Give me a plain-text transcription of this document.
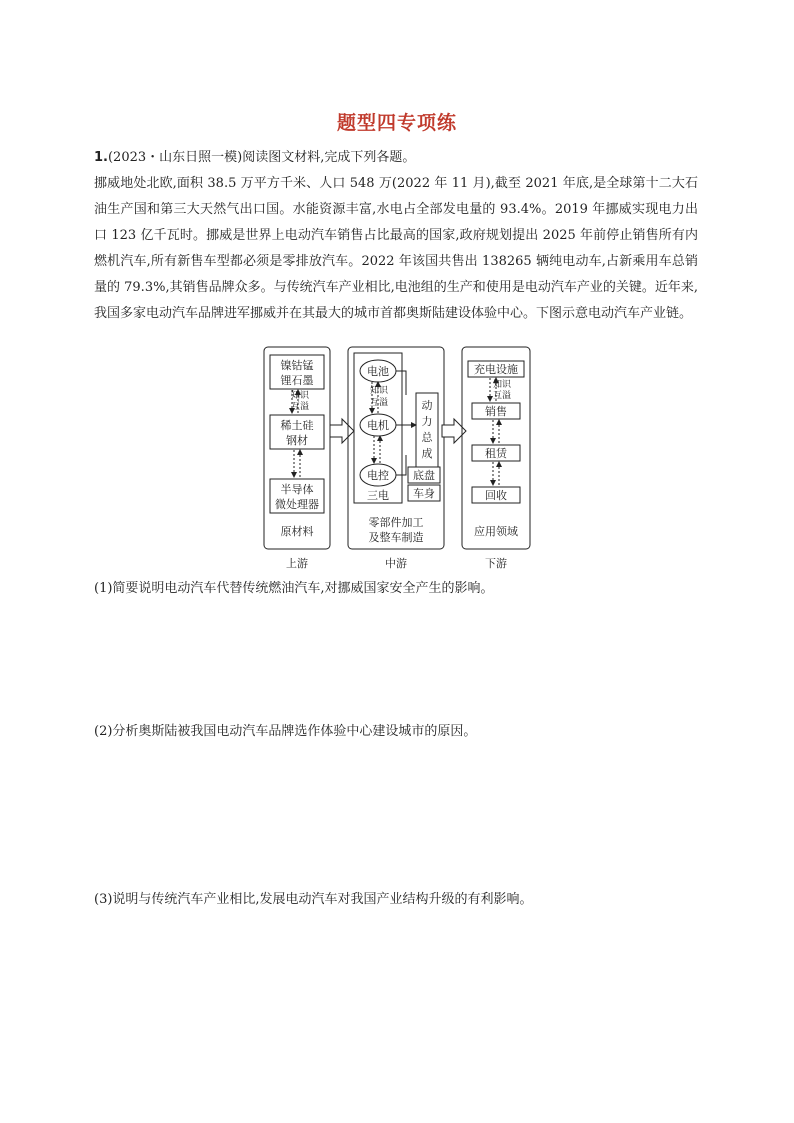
题型四专项练
1.(2023・山东日照一模)阅读图文材料,完成下列各题。
挪威地处北欧,面积 38.5 万平方千米、人口 548 万(2022 年 11 月),截至 2021 年底,是全球第十二大石油生产国和第三大天然气出口国。水能资源丰富,水电占全部发电量的 93.4%。2019 年挪威实现电力出口 123 亿千瓦时。挪威是世界上电动汽车销售占比最高的国家,政府规划提出 2025 年前停止销售所有内燃机汽车,所有新售车型都必须是零排放汽车。2022 年该国共售出 138265 辆纯电动车,占新乘用车总销量的 79.3%,其销售品牌众多。与传统汽车产业相比,电池组的生产和使用是电动汽车产业的关键。近年来,我国多家电动汽车品牌进军挪威并在其最大的城市首都奥斯陆建设体验中心。下图示意电动汽车产业链。
镍钴锰
锂石墨
知识
互溢
稀土硅
钢材
半导体
微处理器
原材料
上游
电池
知识
互溢
电机
电控
三电
动
力
总
成
底盘
车身
零部件加工
及整车制造
中游
充电设施
知识
互溢
销售
租赁
回收
应用领域
下游
(1)简要说明电动汽车代替传统燃油汽车,对挪威国家安全产生的影响。
(2)分析奥斯陆被我国电动汽车品牌选作体验中心建设城市的原因。
(3)说明与传统汽车产业相比,发展电动汽车对我国产业结构升级的有利影响。
